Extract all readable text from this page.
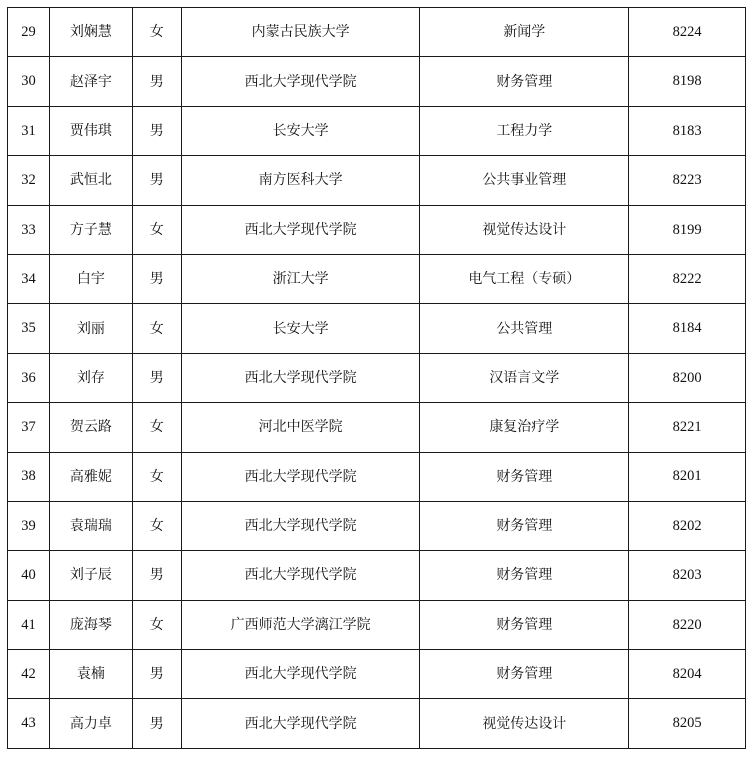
29	刘娴慧	女	内蒙古民族大学	新闻学	8224
30	赵泽宇	男	西北大学现代学院	财务管理	8198
31	贾伟琪	男	长安大学	工程力学	8183
32	武恒北	男	南方医科大学	公共事业管理	8223
33	方子慧	女	西北大学现代学院	视觉传达设计	8199
34	白宇	男	浙江大学	电气工程（专硕）	8222
35	刘丽	女	长安大学	公共管理	8184
36	刘存	男	西北大学现代学院	汉语言文学	8200
37	贺云路	女	河北中医学院	康复治疗学	8221
38	高雅妮	女	西北大学现代学院	财务管理	8201
39	袁瑞瑞	女	西北大学现代学院	财务管理	8202
40	刘子辰	男	西北大学现代学院	财务管理	8203
41	庞海琴	女	广西师范大学漓江学院	财务管理	8220
42	袁楠	男	西北大学现代学院	财务管理	8204
43	高力卓	男	西北大学现代学院	视觉传达设计	8205
